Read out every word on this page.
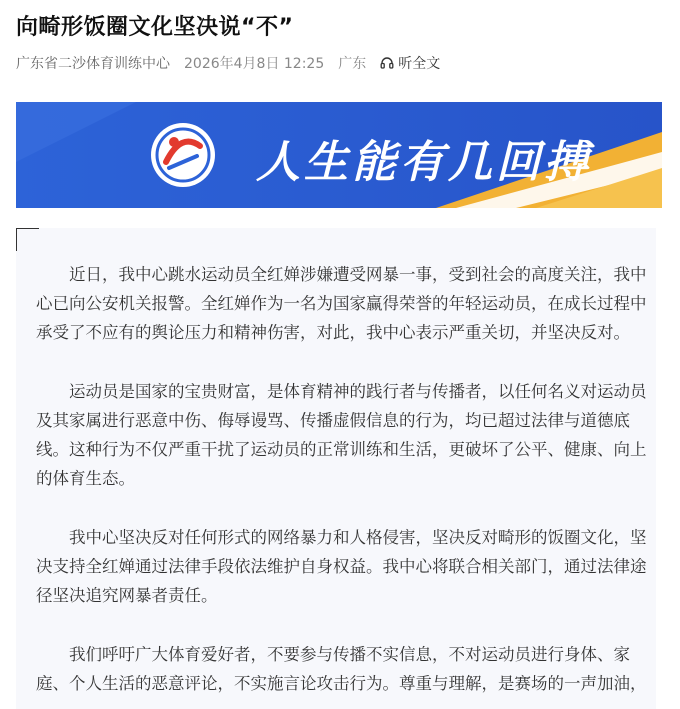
向畸形饭圈文化坚决说“不”
广东省二沙体育训练中心 2026年4月8日 12:25 广东 听全文
人生能有几回搏

近日，我中心跳水运动员全红婵涉嫌遭受网暴一事，受到社会的高度关注，我中心已向公安机关报警。全红婵作为一名为国家赢得荣誉的年轻运动员，在成长过程中承受了不应有的舆论压力和精神伤害，对此，我中心表示严重关切，并坚决反对。

运动员是国家的宝贵财富，是体育精神的践行者与传播者，以任何名义对运动员及其家属进行恶意中伤、侮辱谩骂、传播虚假信息的行为，均已超过法律与道德底线。这种行为不仅严重干扰了运动员的正常训练和生活，更破坏了公平、健康、向上的体育生态。

我中心坚决反对任何形式的网络暴力和人格侵害，坚决反对畸形的饭圈文化，坚决支持全红婵通过法律手段依法维护自身权益。我中心将联合相关部门，通过法律途径坚决追究网暴者责任。

我们呼吁广大体育爱好者，不要参与传播不实信息，不对运动员进行身体、家庭、个人生活的恶意评论，不实施言论攻击行为。尊重与理解，是赛场的一声加油，
